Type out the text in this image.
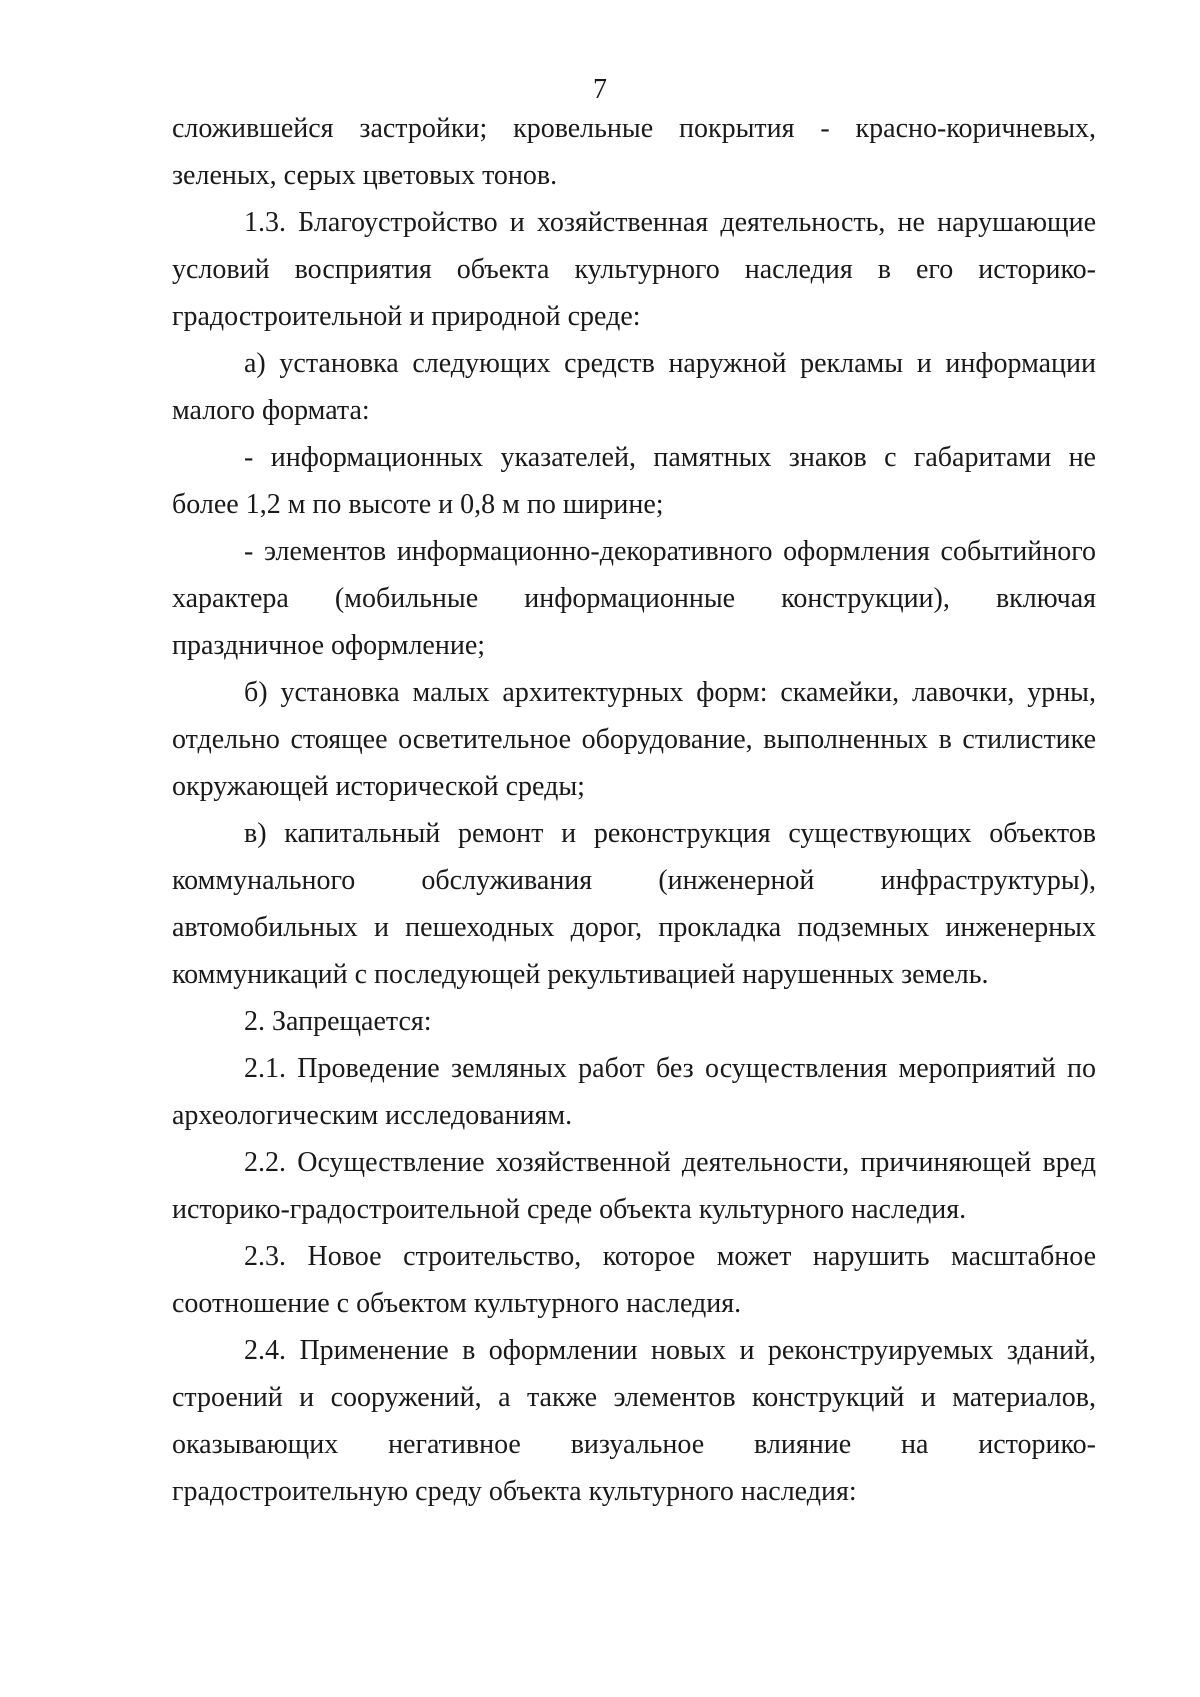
7

сложившейся застройки; кровельные покрытия - красно-коричневых, зеленых, серых цветовых тонов.

1.3. Благоустройство и хозяйственная деятельность, не нарушающие условий восприятия объекта культурного наследия в его историко-градостроительной и природной среде:

а) установка следующих средств наружной рекламы и информации малого формата:

- информационных указателей, памятных знаков с габаритами не более 1,2 м по высоте и 0,8 м по ширине;

- элементов информационно-декоративного оформления событийного характера (мобильные информационные конструкции), включая праздничное оформление;

б) установка малых архитектурных форм: скамейки, лавочки, урны, отдельно стоящее осветительное оборудование, выполненных в стилистике окружающей исторической среды;

в) капитальный ремонт и реконструкция существующих объектов коммунального обслуживания (инженерной инфраструктуры), автомобильных и пешеходных дорог, прокладка подземных инженерных коммуникаций с последующей рекультивацией нарушенных земель.

2. Запрещается:

2.1. Проведение земляных работ без осуществления мероприятий по археологическим исследованиям.

2.2. Осуществление хозяйственной деятельности, причиняющей вред историко-градостроительной среде объекта культурного наследия.

2.3. Новое строительство, которое может нарушить масштабное соотношение с объектом культурного наследия.

2.4. Применение в оформлении новых и реконструируемых зданий, строений и сооружений, а также элементов конструкций и материалов, оказывающих негативное визуальное влияние на историко-градостроительную среду объекта культурного наследия:
